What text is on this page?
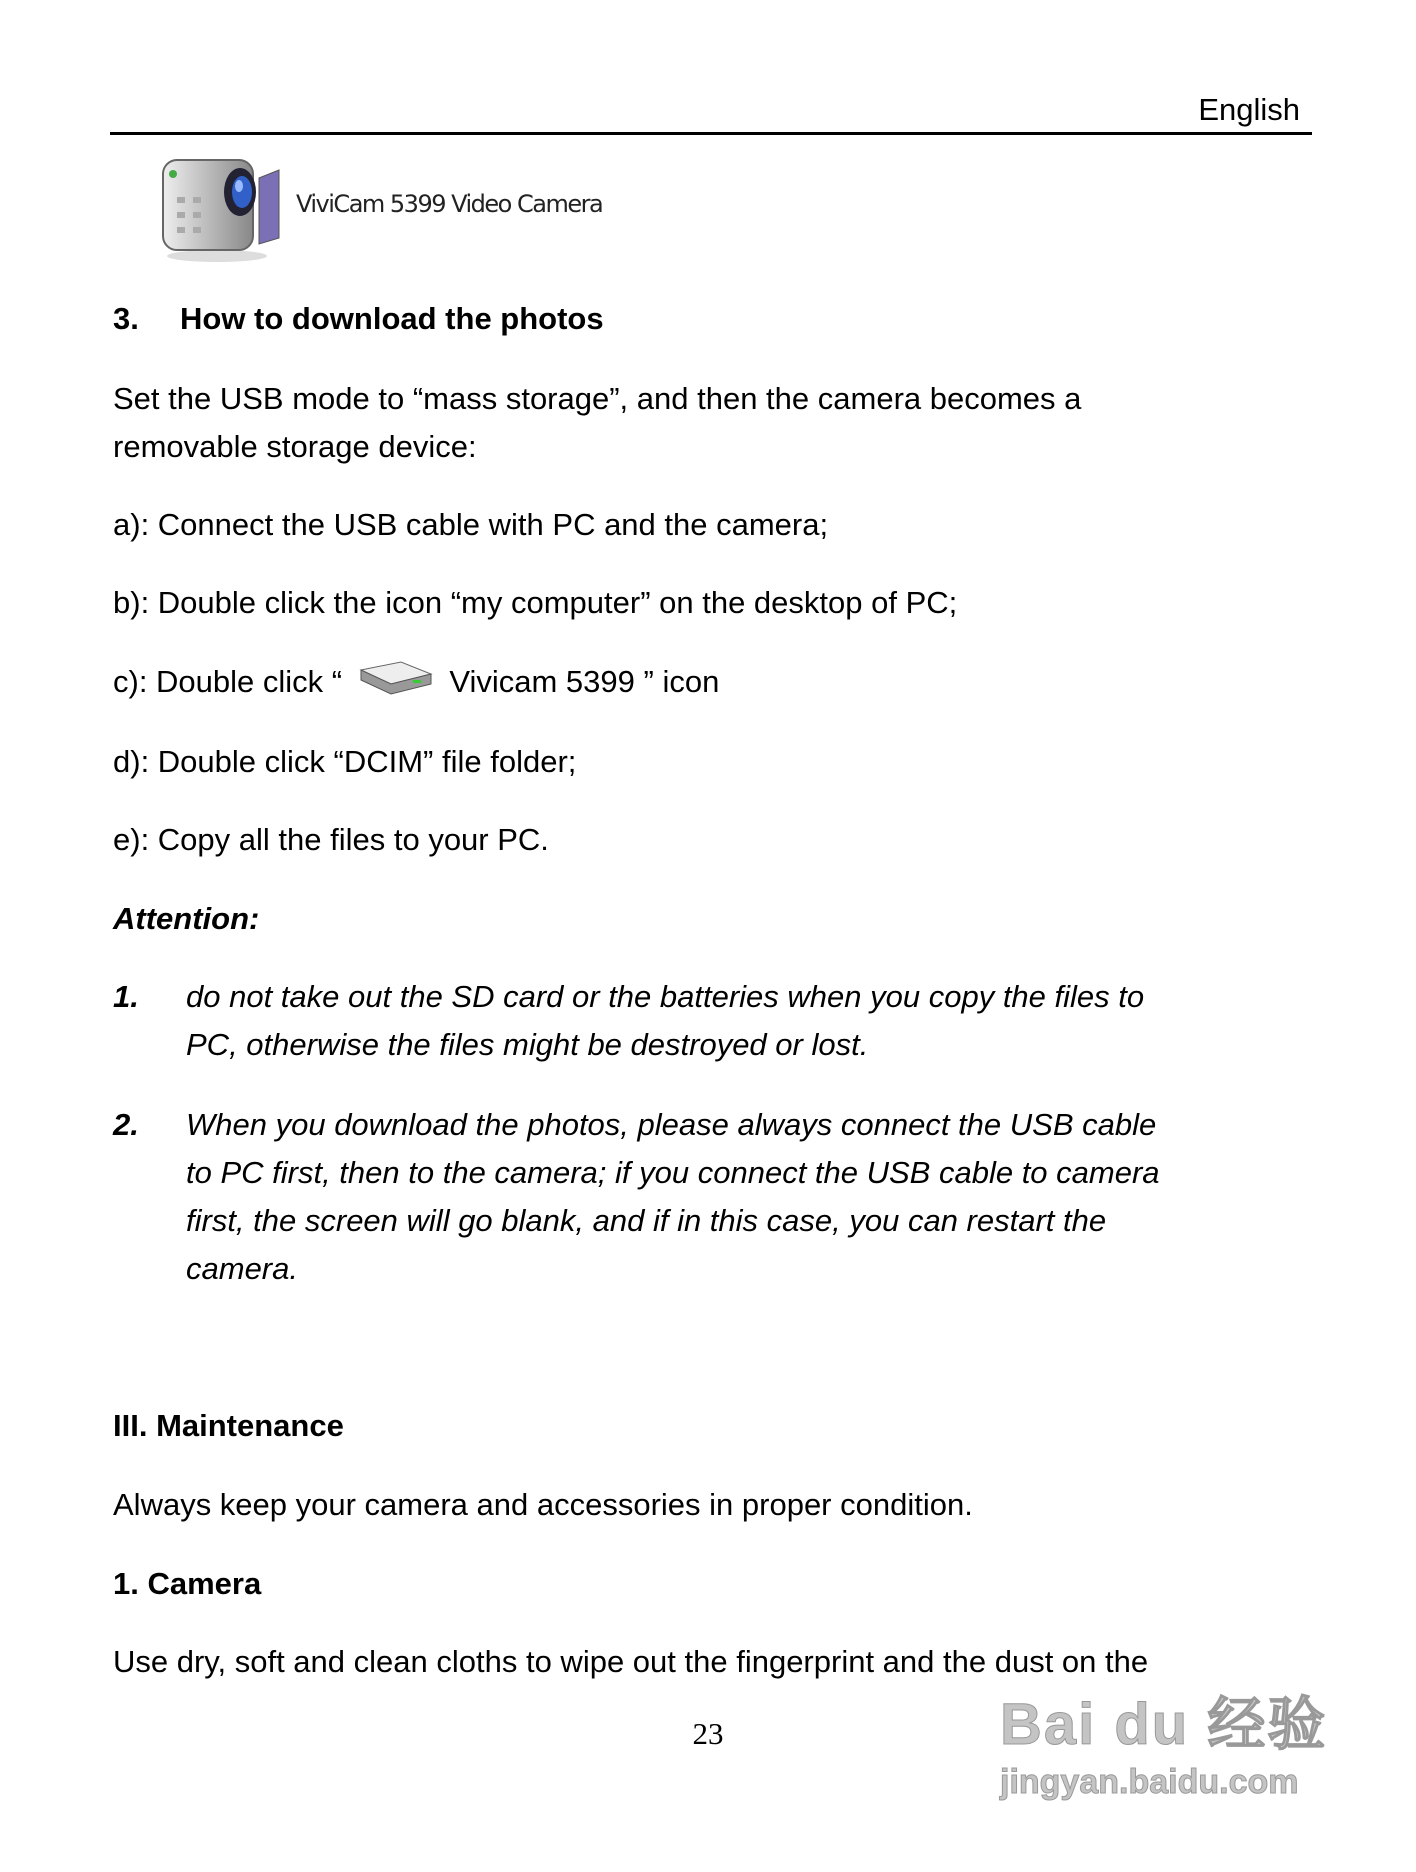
English
ViviCam 5399 Video Camera
3. How to download the photos
Set the USB mode to “mass storage”, and then the camera becomes a
removable storage device:
a): Connect the USB cable with PC and the camera;
b): Double click the icon “my computer” on the desktop of PC;
c): Double click “	Vivicam 5399 ” icon
d): Double click “DCIM” file folder;
e): Copy all the files to your PC.
Attention:
1. do not take out the SD card or the batteries when you copy the files to
PC, otherwise the files might be destroyed or lost.
2. When you download the photos, please always connect the USB cable
to PC first, then to the camera; if you connect the USB cable to camera
first, the screen will go blank, and if in this case, you can restart the
camera.
III. Maintenance
Always keep your camera and accessories in proper condition.
1. Camera
Use dry, soft and clean cloths to wipe out the fingerprint and the dust on the
23	Bai du 经验
jingyan.baidu.com
